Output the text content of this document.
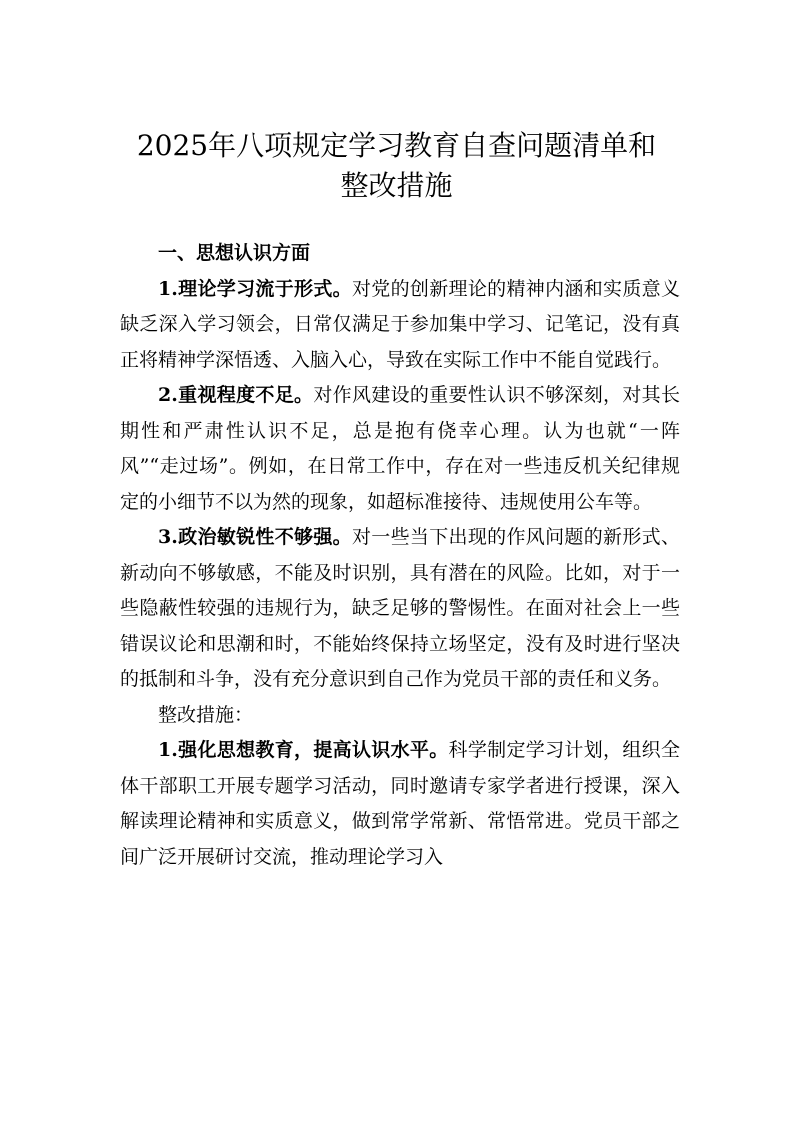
2025年八项规定学习教育自查问题清单和
整改措施

一、思想认识方面

1.理论学习流于形式。对党的创新理论的精神内涵和实质意义缺乏深入学习领会，日常仅满足于参加集中学习、记笔记，没有真正将精神学深悟透、入脑入心，导致在实际工作中不能自觉践行。

2.重视程度不足。对作风建设的重要性认识不够深刻，对其长期性和严肃性认识不足，总是抱有侥幸心理。认为也就“一阵风”“走过场”。例如，在日常工作中，存在对一些违反机关纪律规定的小细节不以为然的现象，如超标准接待、违规使用公车等。

3.政治敏锐性不够强。对一些当下出现的作风问题的新形式、新动向不够敏感，不能及时识别，具有潜在的风险。比如，对于一些隐蔽性较强的违规行为，缺乏足够的警惕性。在面对社会上一些错误议论和思潮和时，不能始终保持立场坚定，没有及时进行坚决的抵制和斗争，没有充分意识到自己作为党员干部的责任和义务。

整改措施：

1.强化思想教育，提高认识水平。科学制定学习计划，组织全体干部职工开展专题学习活动，同时邀请专家学者进行授课，深入解读理论精神和实质意义，做到常学常新、常悟常进。党员干部之间广泛开展研讨交流，推动理论学习入
